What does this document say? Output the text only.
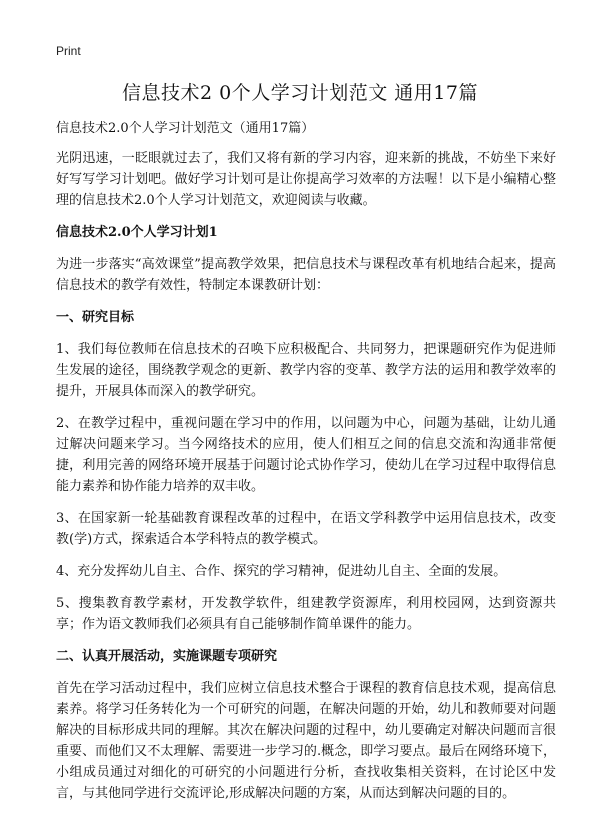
Print
信息技术2 0个人学习计划范文 通用17篇
信息技术2.0个人学习计划范文（通用17篇）

光阴迅速，一眨眼就过去了，我们又将有新的学习内容，迎来新的挑战，不妨坐下来好好写写学习计划吧。做好学习计划可是让你提高学习效率的方法喔！以下是小编精心整理的信息技术2.0个人学习计划范文，欢迎阅读与收藏。

信息技术2.0个人学习计划1

为进一步落实“高效课堂”提高教学效果，把信息技术与课程改革有机地结合起来，提高信息技术的教学有效性，特制定本课教研计划：

一、研究目标

1、我们每位教师在信息技术的召唤下应积极配合、共同努力，把课题研究作为促进师生发展的途径，围绕教学观念的更新、教学内容的变革、教学方法的运用和教学效率的提升，开展具体而深入的教学研究。

2、在教学过程中，重视问题在学习中的作用，以问题为中心，问题为基础，让幼儿通过解决问题来学习。当今网络技术的应用，使人们相互之间的信息交流和沟通非常便捷，利用完善的网络环境开展基于问题讨论式协作学习，使幼儿在学习过程中取得信息能力素养和协作能力培养的双丰收。

3、在国家新一轮基础教育课程改革的过程中，在语文学科教学中运用信息技术，改变教(学)方式，探索适合本学科特点的教学模式。

4、充分发挥幼儿自主、合作、探究的学习精神，促进幼儿自主、全面的发展。

5、搜集教育教学素材，开发教学软件，组建教学资源库，利用校园网，达到资源共享；作为语文教师我们必须具有自己能够制作简单课件的能力。

二、认真开展活动，实施课题专项研究

首先在学习活动过程中，我们应树立信息技术整合于课程的教育信息技术观，提高信息素养。将学习任务转化为一个可研究的问题，在解决问题的开始，幼儿和教师要对问题解决的目标形成共同的理解。其次在解决问题的过程中，幼儿要确定对解决问题而言很重要、而他们又不太理解、需要进一步学习的.概念，即学习要点。最后在网络环境下，小组成员通过对细化的可研究的小问题进行分析，查找收集相关资料，在讨论区中发言，与其他同学进行交流评论,形成解决问题的方案，从而达到解决问题的目的。
